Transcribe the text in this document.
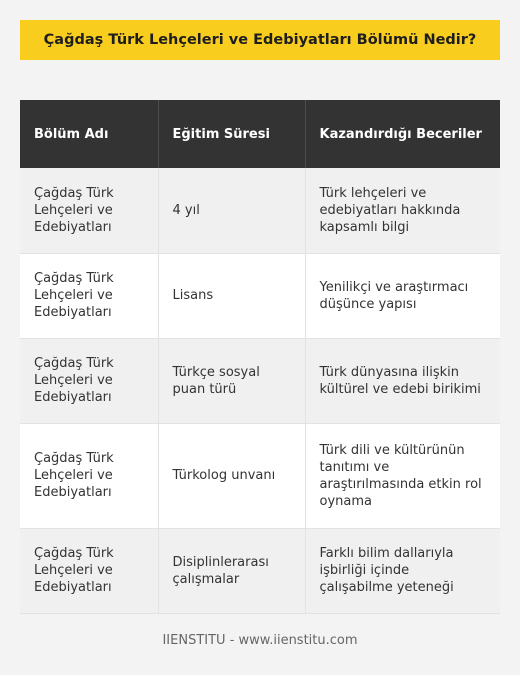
Çağdaş Türk Lehçeleri ve Edebiyatları Bölümü Nedir?
Bölüm Adı	Eğitim Süresi	Kazandırdığı Beceriler
Çağdaş Türk Lehçeleri ve Edebiyatları	4 yıl	Türk lehçeleri ve edebiyatları hakkında kapsamlı bilgi
Çağdaş Türk Lehçeleri ve Edebiyatları	Lisans	Yenilikçi ve araştırmacı düşünce yapısı
Çağdaş Türk Lehçeleri ve Edebiyatları	Türkçe sosyal puan türü	Türk dünyasına ilişkin kültürel ve edebi birikimi
Çağdaş Türk Lehçeleri ve Edebiyatları	Türkolog unvanı	Türk dili ve kültürünün tanıtımı ve araştırılmasında etkin rol oynama
Çağdaş Türk Lehçeleri ve Edebiyatları	Disiplinlerarası çalışmalar	Farklı bilim dallarıyla işbirliği içinde çalışabilme yeteneği
IIENSTITU - www.iienstitu.com
